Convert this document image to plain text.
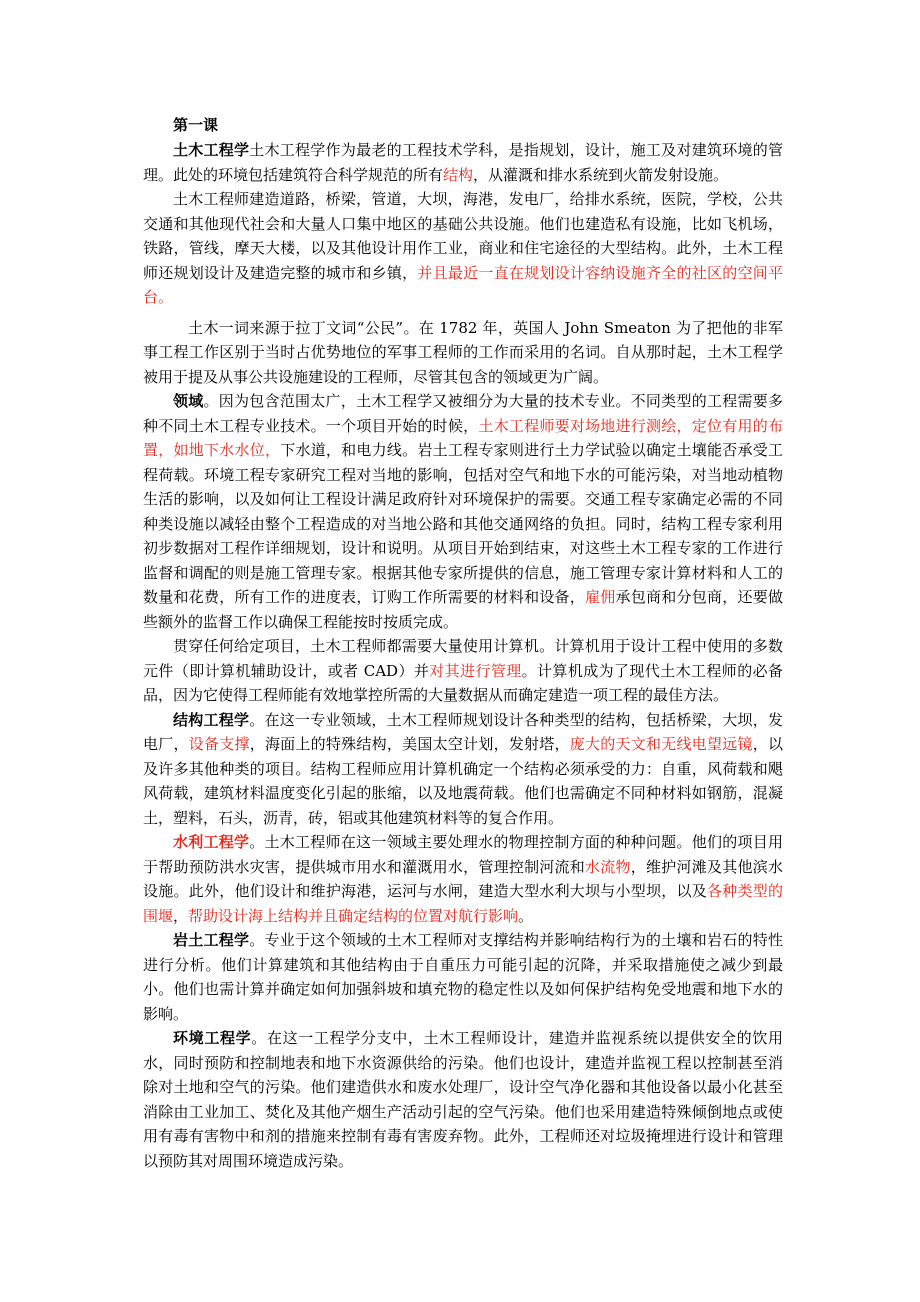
第一课

土木工程学土木工程学作为最老的工程技术学科，是指规划，设计，施工及对建筑环境的管理。此处的环境包括建筑符合科学规范的所有结构，从灌溉和排水系统到火箭发射设施。

土木工程师建造道路，桥梁，管道，大坝，海港，发电厂，给排水系统，医院，学校，公共交通和其他现代社会和大量人口集中地区的基础公共设施。他们也建造私有设施，比如飞机场，铁路，管线，摩天大楼，以及其他设计用作工业，商业和住宅途径的大型结构。此外，土木工程师还规划设计及建造完整的城市和乡镇，并且最近一直在规划设计容纳设施齐全的社区的空间平台。

土木一词来源于拉丁文词“公民”。在 1782 年，英国人 John Smeaton 为了把他的非军事工程工作区别于当时占优势地位的军事工程师的工作而采用的名词。自从那时起，土木工程学被用于提及从事公共设施建设的工程师，尽管其包含的领域更为广阔。

领域。因为包含范围太广，土木工程学又被细分为大量的技术专业。不同类型的工程需要多种不同土木工程专业技术。一个项目开始的时候，土木工程师要对场地进行测绘，定位有用的布置，如地下水水位，下水道，和电力线。岩土工程专家则进行土力学试验以确定土壤能否承受工程荷载。环境工程专家研究工程对当地的影响，包括对空气和地下水的可能污染，对当地动植物生活的影响，以及如何让工程设计满足政府针对环境保护的需要。交通工程专家确定必需的不同种类设施以减轻由整个工程造成的对当地公路和其他交通网络的负担。同时，结构工程专家利用初步数据对工程作详细规划，设计和说明。从项目开始到结束，对这些土木工程专家的工作进行监督和调配的则是施工管理专家。根据其他专家所提供的信息，施工管理专家计算材料和人工的数量和花费，所有工作的进度表，订购工作所需要的材料和设备，雇佣承包商和分包商，还要做些额外的监督工作以确保工程能按时按质完成。

贯穿任何给定项目，土木工程师都需要大量使用计算机。计算机用于设计工程中使用的多数元件（即计算机辅助设计，或者 CAD）并对其进行管理。计算机成为了现代土木工程师的必备品，因为它使得工程师能有效地掌控所需的大量数据从而确定建造一项工程的最佳方法。

结构工程学。在这一专业领域，土木工程师规划设计各种类型的结构，包括桥梁，大坝，发电厂，设备支撑，海面上的特殊结构，美国太空计划，发射塔，庞大的天文和无线电望远镜，以及许多其他种类的项目。结构工程师应用计算机确定一个结构必须承受的力：自重，风荷载和飓风荷载，建筑材料温度变化引起的胀缩，以及地震荷载。他们也需确定不同种材料如钢筋，混凝土，塑料，石头，沥青，砖，铝或其他建筑材料等的复合作用。

水利工程学。土木工程师在这一领域主要处理水的物理控制方面的种种问题。他们的项目用于帮助预防洪水灾害，提供城市用水和灌溉用水，管理控制河流和水流物，维护河滩及其他滨水设施。此外，他们设计和维护海港，运河与水闸，建造大型水利大坝与小型坝，以及各种类型的围堰，帮助设计海上结构并且确定结构的位置对航行影响。

岩土工程学。专业于这个领域的土木工程师对支撑结构并影响结构行为的土壤和岩石的特性进行分析。他们计算建筑和其他结构由于自重压力可能引起的沉降，并采取措施使之减少到最小。他们也需计算并确定如何加强斜坡和填充物的稳定性以及如何保护结构免受地震和地下水的影响。

环境工程学。在这一工程学分支中，土木工程师设计，建造并监视系统以提供安全的饮用水，同时预防和控制地表和地下水资源供给的污染。他们也设计，建造并监视工程以控制甚至消除对土地和空气的污染。他们建造供水和废水处理厂，设计空气净化器和其他设备以最小化甚至消除由工业加工、焚化及其他产烟生产活动引起的空气污染。他们也采用建造特殊倾倒地点或使用有毒有害物中和剂的措施来控制有毒有害废弃物。此外，工程师还对垃圾掩埋进行设计和管理以预防其对周围环境造成污染。
